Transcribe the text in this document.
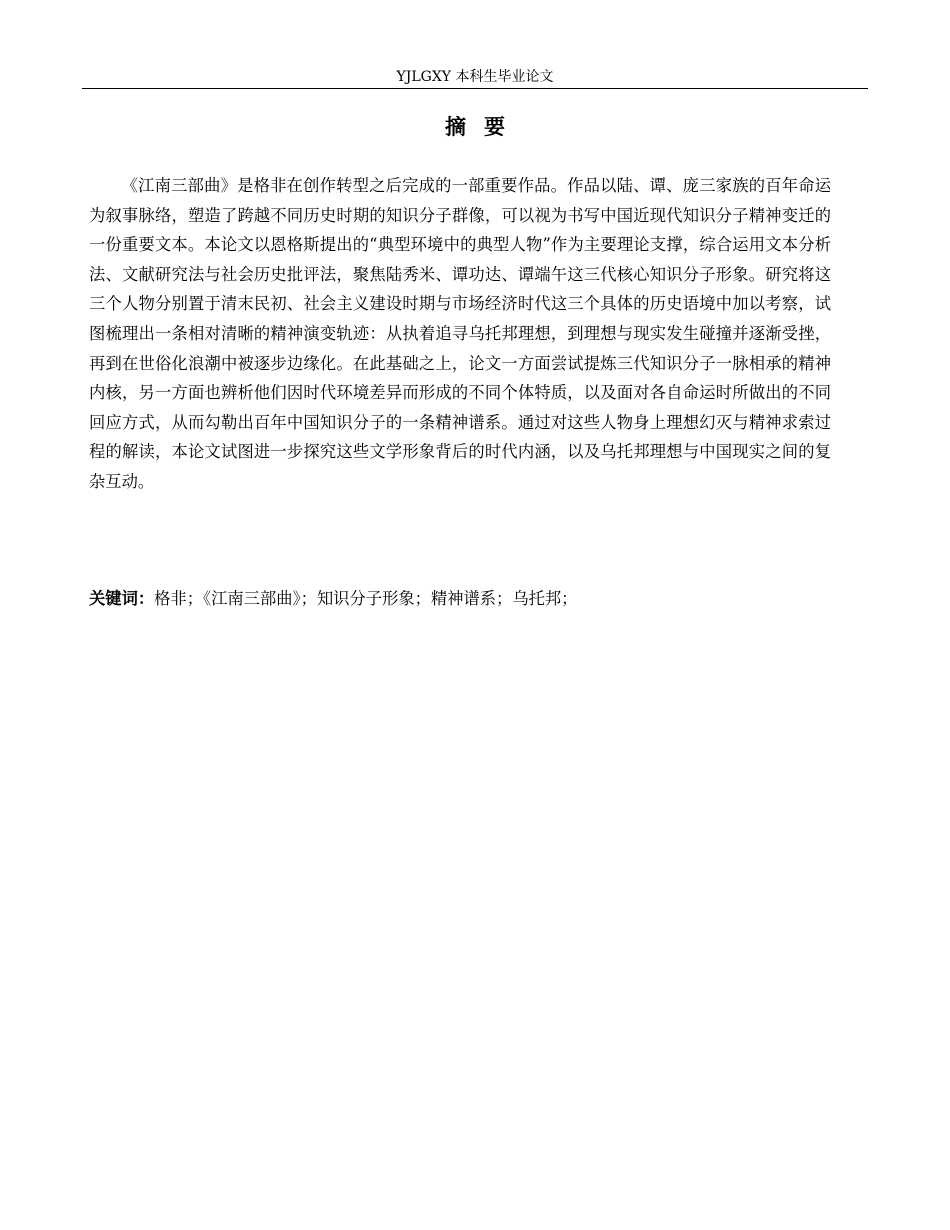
YJLGXY 本科生毕业论文
摘要

《江南三部曲》是格非在创作转型之后完成的一部重要作品。作品以陆、谭、庞三家族的百年命运为叙事脉络，塑造了跨越不同历史时期的知识分子群像，可以视为书写中国近现代知识分子精神变迁的一份重要文本。本论文以恩格斯提出的“典型环境中的典型人物”作为主要理论支撑，综合运用文本分析法、文献研究法与社会历史批评法，聚焦陆秀米、谭功达、谭端午这三代核心知识分子形象。研究将这三个人物分别置于清末民初、社会主义建设时期与市场经济时代这三个具体的历史语境中加以考察，试图梳理出一条相对清晰的精神演变轨迹：从执着追寻乌托邦理想，到理想与现实发生碰撞并逐渐受挫，再到在世俗化浪潮中被逐步边缘化。在此基础之上，论文一方面尝试提炼三代知识分子一脉相承的精神内核，另一方面也辨析他们因时代环境差异而形成的不同个体特质，以及面对各自命运时所做出的不同回应方式，从而勾勒出百年中国知识分子的一条精神谱系。通过对这些人物身上理想幻灭与精神求索过程的解读，本论文试图进一步探究这些文学形象背后的时代内涵，以及乌托邦理想与中国现实之间的复杂互动。

关键词：格非；《江南三部曲》；知识分子形象；精神谱系；乌托邦；
